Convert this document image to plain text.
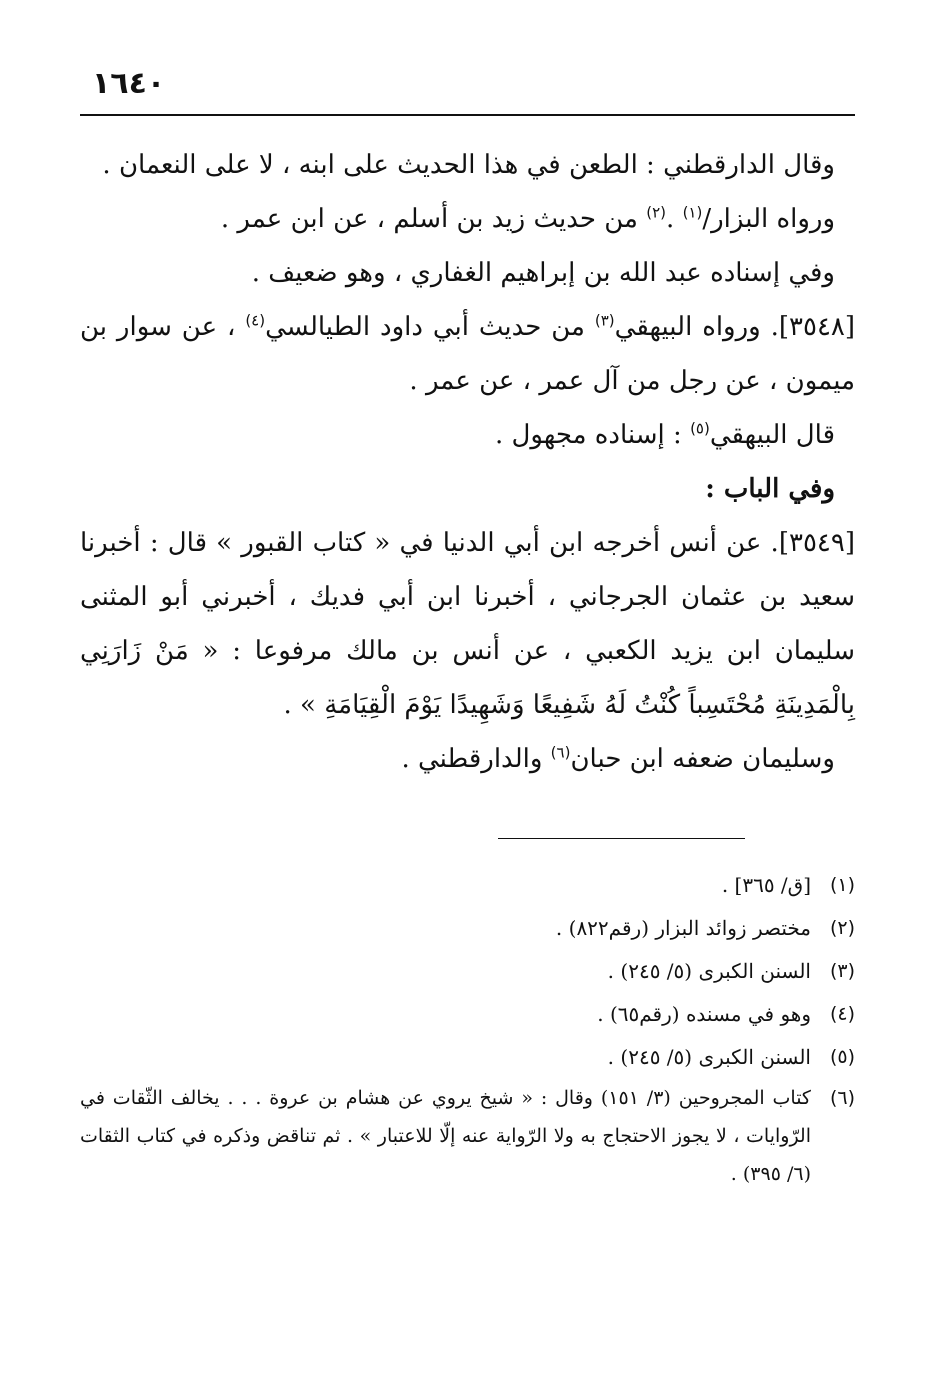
١٦٤٠

وقال الدارقطني : الطعن في هذا الحديث على ابنه ، لا على النعمان .

ورواه البزار/$^{(١)}$ .$^{(٢)}$ من حديث زيد بن أسلم ، عن ابن عمر .

وفي إسناده عبد الله بن إبراهيم الغفاري ، وهو ضعيف .

[٣٥٤٨]. ورواه البيهقي$^{(٣)}$ من حديث أبي داود الطيالسي$^{(٤)}$ ، عن سوار بن ميمون ، عن رجل من آل عمر ، عن عمر .

قال البيهقي$^{(٥)}$ : إسناده مجهول .

وفي الباب :

[٣٥٤٩]. عن أنس أخرجه ابن أبي الدنيا في « كتاب القبور » قال : أخبرنا سعيد بن عثمان الجرجاني ، أخبرنا ابن أبي فديك ، أخبرني أبو المثنى سليمان ابن يزيد الكعبي ، عن أنس بن مالك مرفوعا : « مَنْ زَارَنِي بِالْمَدِينَةِ مُحْتَسِباً كُنْتُ لَهُ شَفِيعًا وَشَهِيدًا يَوْمَ الْقِيَامَةِ » .

وسليمان ضعفه ابن حبان$^{(٦)}$ والدارقطني .

(١)
[ق/ ٣٦٥] .
(٢)
مختصر زوائد البزار (رقم٨٢٢) .
(٣)
السنن الكبرى (٥/ ٢٤٥) .
(٤)
وهو في مسنده (رقم٦٥) .
(٥)
السنن الكبرى (٥/ ٢٤٥) .
(٦)
كتاب المجروحين (٣/ ١٥١) وقال : « شيخ يروي عن هشام بن عروة . . . يخالف الثّقات في الرّوايات ، لا يجوز الاحتجاج به ولا الرّواية عنه إلّا للاعتبار » . ثم تناقض وذكره في كتاب الثقات (٦/ ٣٩٥) .
